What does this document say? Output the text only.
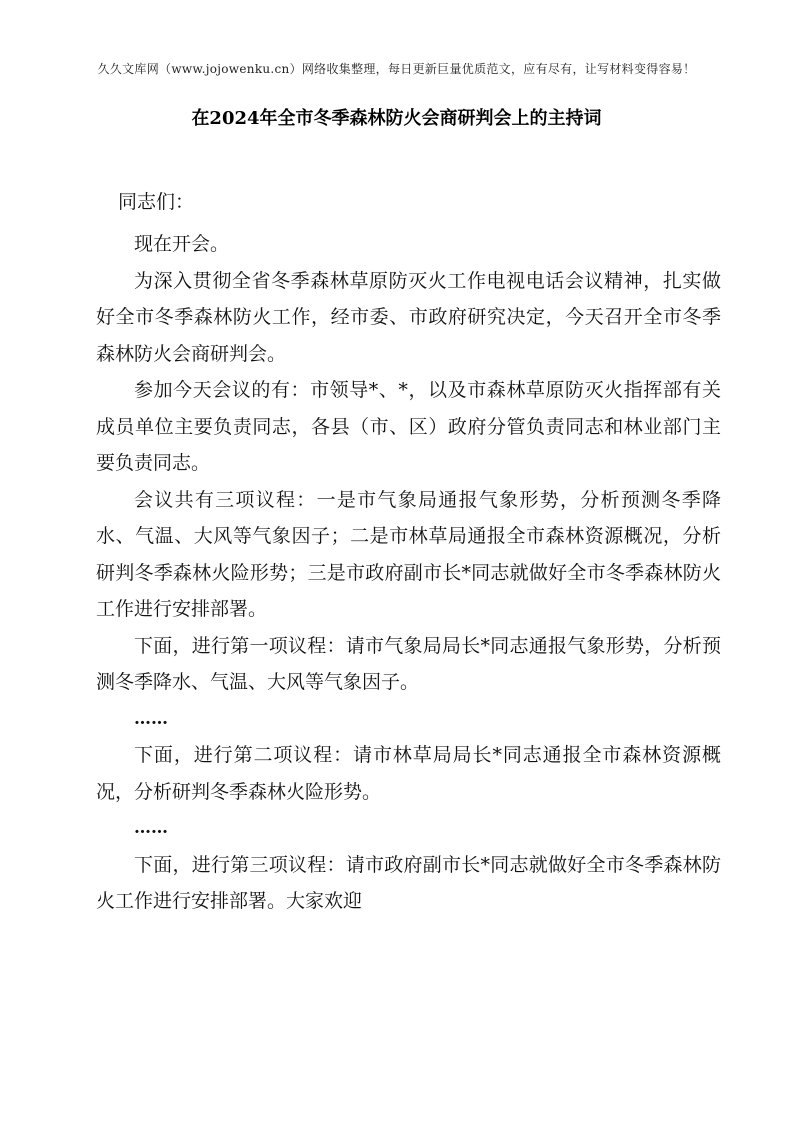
久久文库网（www.jojowenku.cn）网络收集整理，每日更新巨量优质范文，应有尽有，让写材料变得容易！
在2024年全市冬季森林防火会商研判会上的主持词

同志们：

现在开会。

为深入贯彻全省冬季森林草原防灭火工作电视电话会议精神，扎实做好全市冬季森林防火工作，经市委、市政府研究决定，今天召开全市冬季森林防火会商研判会。

参加今天会议的有：市领导*、*，以及市森林草原防灭火指挥部有关成员单位主要负责同志，各县（市、区）政府分管负责同志和林业部门主要负责同志。

会议共有三项议程：一是市气象局通报气象形势，分析预测冬季降水、气温、大风等气象因子；二是市林草局通报全市森林资源概况，分析研判冬季森林火险形势；三是市政府副市长*同志就做好全市冬季森林防火工作进行安排部署。

下面，进行第一项议程：请市气象局局长*同志通报气象形势，分析预测冬季降水、气温、大风等气象因子。

……

下面，进行第二项议程：请市林草局局长*同志通报全市森林资源概况，分析研判冬季森林火险形势。

……

下面，进行第三项议程：请市政府副市长*同志就做好全市冬季森林防火工作进行安排部署。大家欢迎
